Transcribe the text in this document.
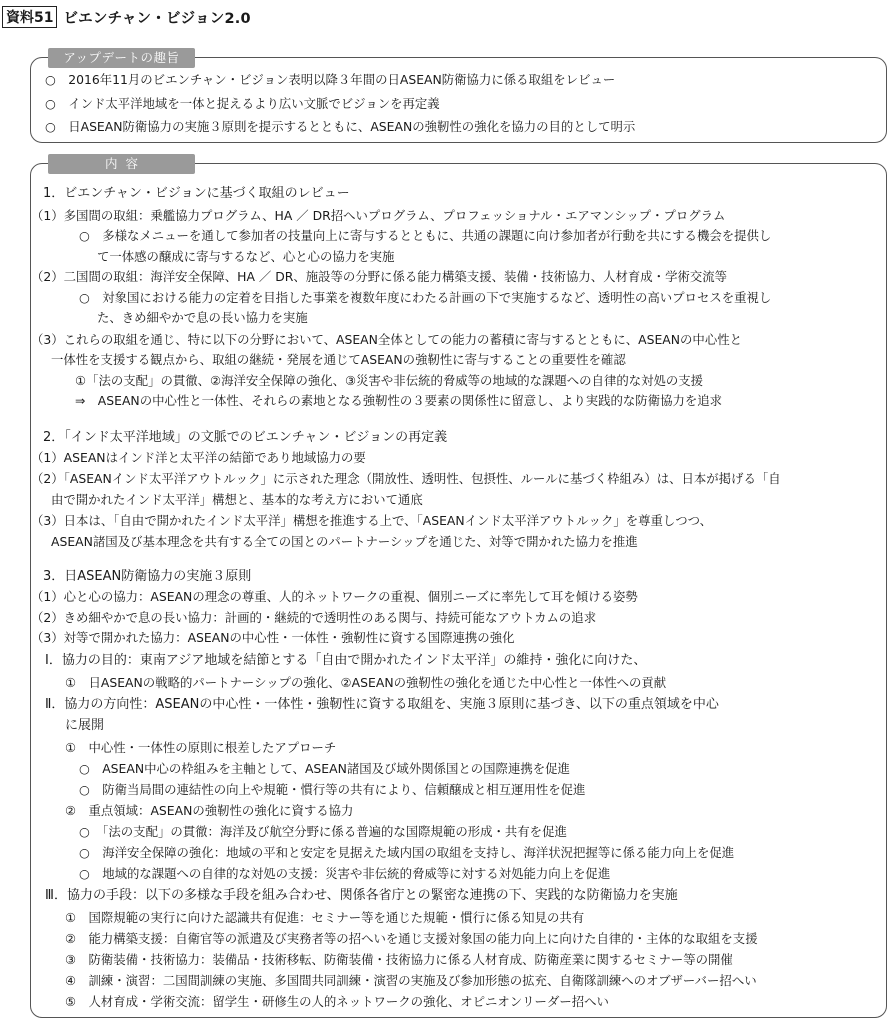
資料51 ビエンチャン・ビジョン2.0
アップデートの趣旨
○　2016年11月のビエンチャン・ビジョン表明以降３年間の日ASEAN防衛協力に係る取組をレビュー
○　インド太平洋地域を一体と捉えるより広い文脈でビジョンを再定義
○　日ASEAN防衛協力の実施３原則を提示するとともに、ASEANの強靭性の強化を協力の目的として明示
内容
1．ビエンチャン・ビジョンに基づく取組のレビュー
（1）多国間の取組：乗艦協力プログラム、HA ／ DR招へいプログラム、プロフェッショナル・エアマンシップ・プログラム
○　多様なメニューを通して参加者の技量向上に寄与するとともに、共通の課題に向け参加者が行動を共にする機会を提供し
て一体感の醸成に寄与するなど、心と心の協力を実施
（2）二国間の取組：海洋安全保障、HA ／ DR、施設等の分野に係る能力構築支援、装備・技術協力、人材育成・学術交流等
○　対象国における能力の定着を目指した事業を複数年度にわたる計画の下で実施するなど、透明性の高いプロセスを重視し
た、きめ細やかで息の長い協力を実施
（3）これらの取組を通じ、特に以下の分野において、ASEAN全体としての能力の蓄積に寄与するとともに、ASEANの中心性と
一体性を支援する観点から、取組の継続・発展を通じてASEANの強靭性に寄与することの重要性を確認
①「法の支配」の貫徹、②海洋安全保障の強化、③災害や非伝統的脅威等の地域的な課題への自律的な対処の支援
⇒　ASEANの中心性と一体性、それらの素地となる強靭性の３要素の関係性に留意し、より実践的な防衛協力を追求
2．「インド太平洋地域」の文脈でのビエンチャン・ビジョンの再定義
（1）ASEANはインド洋と太平洋の結節であり地域協力の要
（2）「ASEANインド太平洋アウトルック」に示された理念（開放性、透明性、包摂性、ルールに基づく枠組み）は、日本が掲げる「自
由で開かれたインド太平洋」構想と、基本的な考え方において通底
（3）日本は、「自由で開かれたインド太平洋」構想を推進する上で、「ASEANインド太平洋アウトルック」を尊重しつつ、
ASEAN諸国及び基本理念を共有する全ての国とのパートナーシップを通じた、対等で開かれた協力を推進
3．日ASEAN防衛協力の実施３原則
（1）心と心の協力：ASEANの理念の尊重、人的ネットワークの重視、個別ニーズに率先して耳を傾ける姿勢
（2）きめ細やかで息の長い協力：計画的・継続的で透明性のある関与、持続可能なアウトカムの追求
（3）対等で開かれた協力：ASEANの中心性・一体性・強靭性に資する国際連携の強化
Ⅰ．協力の目的：東南アジア地域を結節とする「自由で開かれたインド太平洋」の維持・強化に向けた、
①　日ASEANの戦略的パートナーシップの強化、②ASEANの強靭性の強化を通じた中心性と一体性への貢献
Ⅱ．協力の方向性：ASEANの中心性・一体性・強靭性に資する取組を、実施３原則に基づき、以下の重点領域を中心
に展開
①　中心性・一体性の原則に根差したアプローチ
○　ASEAN中心の枠組みを主軸として、ASEAN諸国及び域外関係国との国際連携を促進
○　防衛当局間の連結性の向上や規範・慣行等の共有により、信頼醸成と相互運用性を促進
②　重点領域：ASEANの強靭性の強化に資する協力
○　「法の支配」の貫徹：海洋及び航空分野に係る普遍的な国際規範の形成・共有を促進
○　海洋安全保障の強化：地域の平和と安定を見据えた域内国の取組を支持し、海洋状況把握等に係る能力向上を促進
○　地域的な課題への自律的な対処の支援：災害や非伝統的脅威等に対する対処能力向上を促進
Ⅲ．協力の手段：以下の多様な手段を組み合わせ、関係各省庁との緊密な連携の下、実践的な防衛協力を実施
①　国際規範の実行に向けた認識共有促進：セミナー等を通じた規範・慣行に係る知見の共有
②　能力構築支援：自衛官等の派遣及び実務者等の招へいを通じ支援対象国の能力向上に向けた自律的・主体的な取組を支援
③　防衛装備・技術協力：装備品・技術移転、防衛装備・技術協力に係る人材育成、防衛産業に関するセミナー等の開催
④　訓練・演習：二国間訓練の実施、多国間共同訓練・演習の実施及び参加形態の拡充、自衛隊訓練へのオブザーバー招へい
⑤　人材育成・学術交流：留学生・研修生の人的ネットワークの強化、オピニオンリーダー招へい
